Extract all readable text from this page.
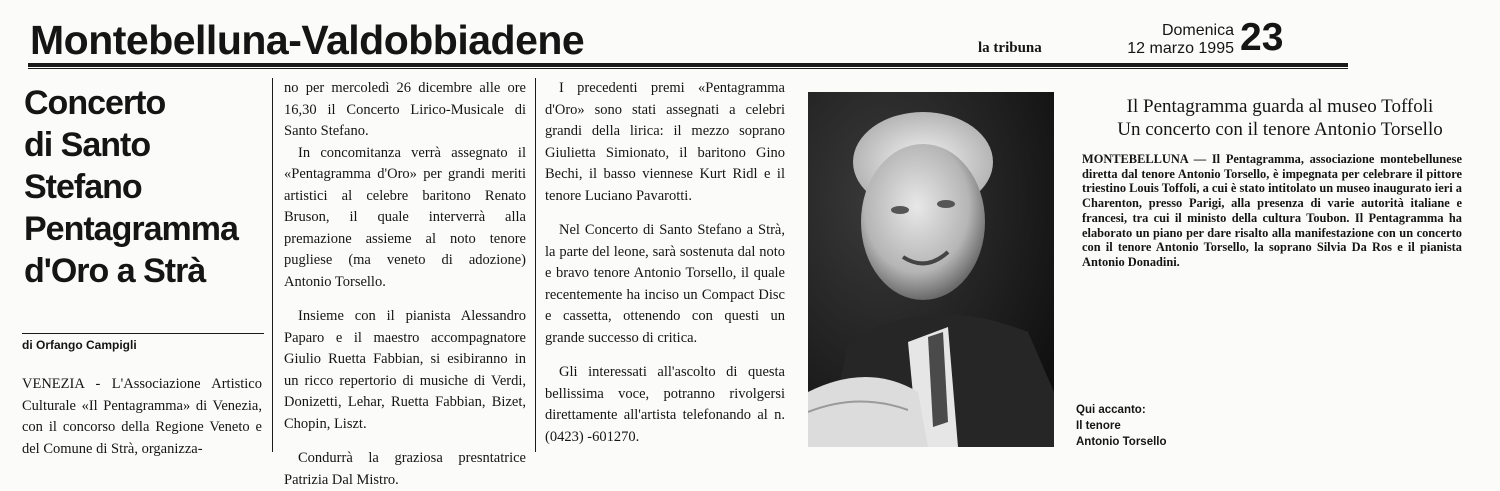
Montebelluna-Valdobbiadene	la tribuna
Domenica
12 marzo 1995 23
Concerto
di Santo
Stefano
Pentagramma
d'Oro a Strà
di Orfango Campigli

VENEZIA - L'Associazione Artistico Culturale «Il Pentagramma» di Venezia, con il concorso della Regione Veneto e del Comune di Strà, organizza-

no per mercoledì 26 dicembre alle ore 16,30 il Concerto Lirico-Musicale di Santo Stefano.

In concomitanza verrà assegnato il «Pentagramma d'Oro» per grandi meriti artistici al celebre baritono Renato Bruson, il quale interverrà alla premazione assieme al noto tenore pugliese (ma veneto di adozione) Antonio Torsello.

Insieme con il pianista Alessandro Paparo e il maestro accompagnatore Giulio Ruetta Fabbian, si esibiranno in un ricco repertorio di musiche di Verdi, Donizetti, Lehar, Ruetta Fabbian, Bizet, Chopin, Liszt.

Condurrà la graziosa presntatrice Patrizia Dal Mistro.

I precedenti premi «Pentagramma d'Oro» sono stati assegnati a celebri grandi della lirica: il mezzo soprano Giulietta Simionato, il baritono Gino Bechi, il basso viennese Kurt Ridl e il tenore Luciano Pavarotti.

Nel Concerto di Santo Stefano a Strà, la parte del leone, sarà sostenuta dal noto e bravo tenore Antonio Torsello, il quale recentemente ha inciso un Compact Disc e cassetta, ottenendo con questi un grande successo di critica.

Gli interessati all'ascolto di questa bellissima voce, potranno rivolgersi direttamente all'artista telefonando al n. (0423) -601270.

Il Pentagramma guarda al museo Toffoli
Un concerto con il tenore Antonio Torsello
MONTEBELLUNA — Il Pentagramma, associazione montebellunese diretta dal tenore Antonio Torsello, è impegnata per celebrare il pittore triestino Louis Toffoli, a cui è stato intitolato un museo inaugurato ieri a Charenton, presso Parigi, alla presenza di varie autorità italiane e francesi, tra cui il ministo della cultura Toubon. Il Pentagramma ha elaborato un piano per dare risalto alla manifestazione con un concerto con il tenore Antonio Torsello, la soprano Silvia Da Ros e il pianista Antonio Donadini.
Qui accanto:
Il tenore
Antonio Torsello
